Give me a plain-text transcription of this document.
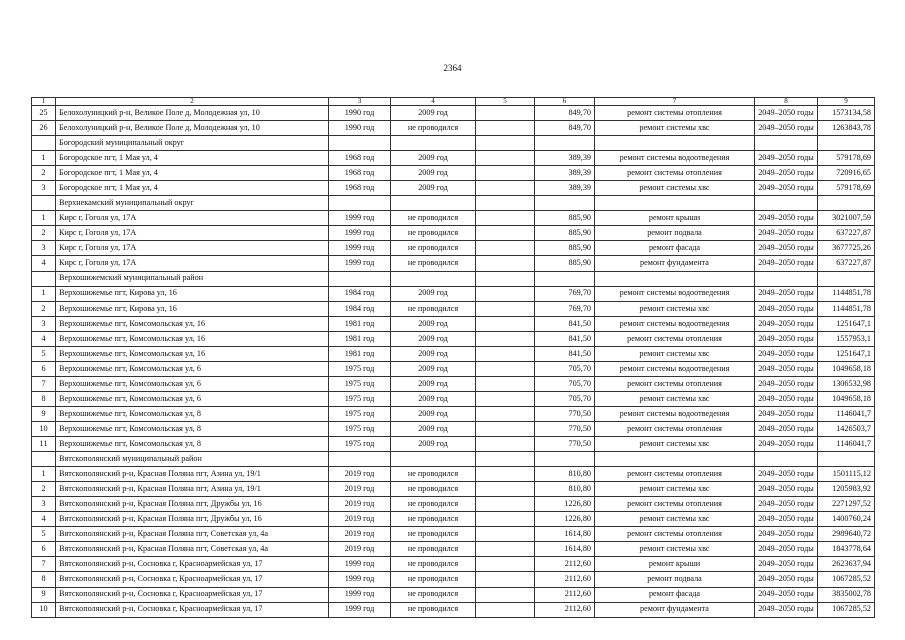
2364
1	2	3	4	5	6	7	8	9
25	Белохолуницкий р-н, Великое Поле д, Молодежная ул, 10	1990 год	2009 год		849,70	ремонт системы отопления	2049–2050 годы	1573134,58
26	Белохолуницкий р-н, Великое Поле д, Молодежная ул, 10	1990 год	не проводился		849,70	ремонт системы хвс	2049–2050 годы	1263843,78
	Богородский муниципальный округ							
1	Богородское пгт, 1 Мая ул, 4	1968 год	2009 год		389,39	ремонт системы водоотведения	2049–2050 годы	579178,69
2	Богородское пгт, 1 Мая ул, 4	1968 год	2009 год		389,39	ремонт системы отопления	2049–2050 годы	720916,65
3	Богородское пгт, 1 Мая ул, 4	1968 год	2009 год		389,39	ремонт системы хвс	2049–2050 годы	579178,69
	Верхнекамский муниципальный округ							
1	Кирс г, Гоголя ул, 17А	1999 год	не проводился		885,90	ремонт крыши	2049–2050 годы	3021007,59
2	Кирс г, Гоголя ул, 17А	1999 год	не проводился		885,90	ремонт подвала	2049–2050 годы	637227,87
3	Кирс г, Гоголя ул, 17А	1999 год	не проводился		885,90	ремонт фасада	2049–2050 годы	3677725,26
4	Кирс г, Гоголя ул, 17А	1999 год	не проводился		885,90	ремонт фундамента	2049–2050 годы	637227,87
	Верхошижемский муниципальный район							
1	Верхошижемье пгт, Кирова ул, 16	1984 год	2009 год		769,70	ремонт системы водоотведения	2049–2050 годы	1144851,78
2	Верхошижемье пгт, Кирова ул, 16	1984 год	не проводился		769,70	ремонт системы хвс	2049–2050 годы	1144851,78
3	Верхошижемье пгт, Комсомольская ул, 16	1981 год	2009 год		841,50	ремонт системы водоотведения	2049–2050 годы	1251647,1
4	Верхошижемье пгт, Комсомольская ул, 16	1981 год	2009 год		841,50	ремонт системы отопления	2049–2050 годы	1557953,1
5	Верхошижемье пгт, Комсомольская ул, 16	1981 год	2009 год		841,50	ремонт системы хвс	2049–2050 годы	1251647,1
6	Верхошижемье пгт, Комсомольская ул, 6	1975 год	2009 год		705,70	ремонт системы водоотведения	2049–2050 годы	1049658,18
7	Верхошижемье пгт, Комсомольская ул, 6	1975 год	2009 год		705,70	ремонт системы отопления	2049–2050 годы	1306532,98
8	Верхошижемье пгт, Комсомольская ул, 6	1975 год	2009 год		705,70	ремонт системы хвс	2049–2050 годы	1049658,18
9	Верхошижемье пгт, Комсомольская ул, 8	1975 год	2009 год		770,50	ремонт системы водоотведения	2049–2050 годы	1146041,7
10	Верхошижемье пгт, Комсомольская ул, 8	1975 год	2009 год		770,50	ремонт системы отопления	2049–2050 годы	1426503,7
11	Верхошижемье пгт, Комсомольская ул, 8	1975 год	2009 год		770,50	ремонт системы хвс	2049–2050 годы	1146041,7
	Вятскополянский муниципальный район							
1	Вятскополянский р-н, Красная Поляна пгт, Азина ул, 19/1	2019 год	не проводился		810,80	ремонт системы отопления	2049–2050 годы	1501115,12
2	Вятскополянский р-н, Красная Поляна пгт, Азина ул, 19/1	2019 год	не проводился		810,80	ремонт системы хвс	2049–2050 годы	1205983,92
3	Вятскополянский р-н, Красная Поляна пгт, Дружбы ул, 16	2019 год	не проводился		1226,80	ремонт системы отопления	2049–2050 годы	2271297,52
4	Вятскополянский р-н, Красная Поляна пгт, Дружбы ул, 16	2019 год	не проводился		1226,80	ремонт системы хвс	2049–2050 годы	1400760,24
5	Вятскополянский р-н, Красная Поляна пгт, Советская ул, 4а	2019 год	не проводился		1614,80	ремонт системы отопления	2049–2050 годы	2989640,72
6	Вятскополянский р-н, Красная Поляна пгт, Советская ул, 4а	2019 год	не проводился		1614,80	ремонт системы хвс	2049–2050 годы	1843778,64
7	Вятскополянский р-н, Сосновка г, Красноармейская ул, 17	1999 год	не проводился		2112,60	ремонт крыши	2049–2050 годы	2623637,94
8	Вятскополянский р-н, Сосновка г, Красноармейская ул, 17	1999 год	не проводился		2112,60	ремонт подвала	2049–2050 годы	1067285,52
9	Вятскополянский р-н, Сосновка г, Красноармейская ул, 17	1999 год	не проводился		2112,60	ремонт фасада	2049–2050 годы	3835002,78
10	Вятскополянский р-н, Сосновка г, Красноармейская ул, 17	1999 год	не проводился		2112,60	ремонт фундамента	2049–2050 годы	1067285,52
